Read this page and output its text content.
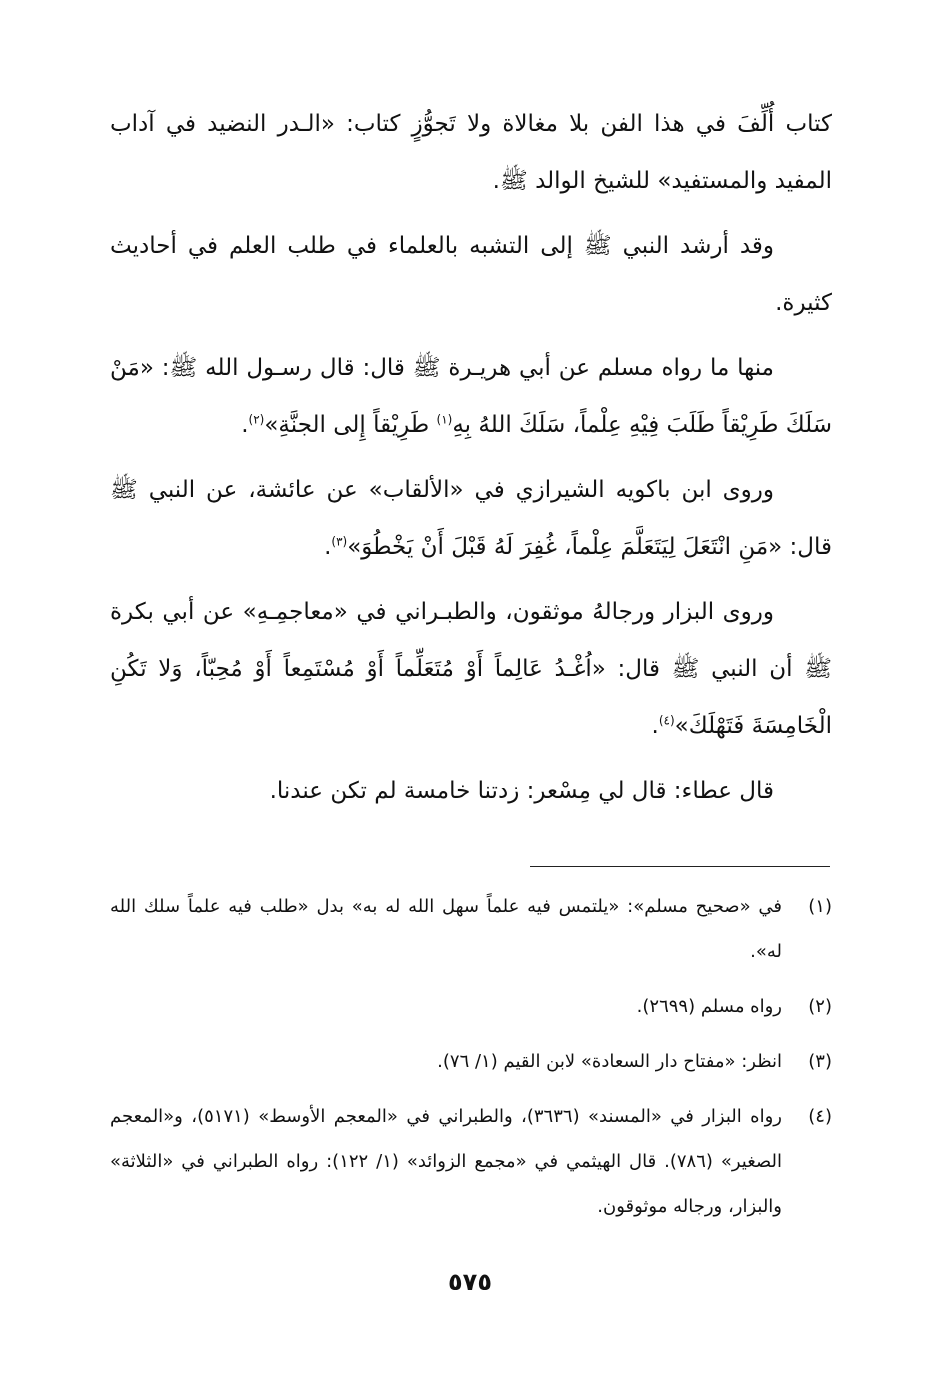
كتاب أُلِّفَ في هذا الفن بلا مغالاة ولا تَجوُّزٍ كتاب: «الـدر النضيد في آداب المفيد والمستفيد» للشيخ الوالد ﷺ.

وقد أرشد النبي ﷺ إلى التشبه بالعلماء في طلب العلم في أحاديث كثيرة.

منها ما رواه مسلم عن أبي هريـرة ﷺ قال: قال رسـول الله ﷺ: «مَنْ سَلَكَ طَرِيْقاً طَلَبَ فِيْهِ عِلْماً، سَلَكَ اللهُ بِهِ$^{(١)}$ طَرِيْقاً إِلى الجنَّةِ»$^{(٢)}$.

وروى ابن باكويه الشيرازي في «الألقاب» عن عائشة، عن النبي ﷺ قال: «مَنِ انْتَعَلَ لِيَتَعَلَّمَ عِلْماً، غُفِرَ لَهُ قَبْلَ أَنْ يَخْطُوَ»$^{(٣)}$.

وروى البزار ورجالهُ موثقون، والطبـراني في «معاجمِـهِ» عن أبي بكرة ﷺ أن النبي ﷺ قال: «اُغْـدُ عَالِماً أَوْ مُتَعَلِّماً أَوْ مُسْتَمِعاً أَوْ مُحِبّاً، وَلا تَكُنِ الْخَامِسَةَ فَتَهْلَكَ»$^{(٤)}$.

قال عطاء: قال لي مِسْعر: زدتنا خامسة لم تكن عندنا.

(١)
في «صحيح مسلم»: «يلتمس فيه علماً سهل الله له به» بدل «طلب فيه علماً سلك الله له».
(٢)
رواه مسلم (٢٦٩٩).
(٣)
انظر: «مفتاح دار السعادة» لابن القيم (١/ ٧٦).
(٤)
رواه البزار في «المسند» (٣٦٣٦)، والطبراني في «المعجم الأوسط» (٥١٧١)، و«المعجم الصغير» (٧٨٦). قال الهيثمي في «مجمع الزوائد» (١/ ١٢٢): رواه الطبراني في «الثلاثة» والبزار، ورجاله موثوقون.
٥٧٥
